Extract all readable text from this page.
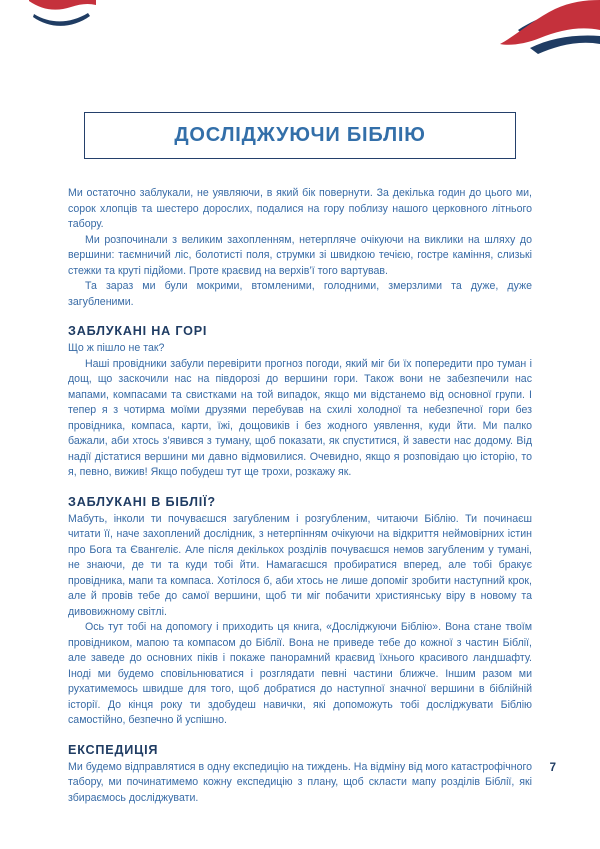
ДОСЛІДЖУЮЧИ БІБЛІЮ

Ми остаточно заблукали, не уявляючи, в який бік повернути. За декілька годин до цього ми, сорок хлопців та шестеро дорослих, подалися на гору поблизу нашого церковного літнього табору.

Ми розпочинали з великим захопленням, нетерпляче очікуючи на виклики на шляху до вершини: таємничий ліс, болотисті поля, струмки зі швидкою течією, гостре каміння, слизькі стежки та круті підйоми. Проте краєвид на верхів’ї того вартував.

Та зараз ми були мокрими, втомленими, голодними, змерзлими та дуже, дуже загубленими.

ЗАБЛУКАНІ НА ГОРІ

Що ж пішло не так?

Наші провідники забули перевірити прогноз погоди, який міг би їх попередити про туман і дощ, що заскочили нас на півдорозі до вершини гори. Також вони не забезпечили нас мапами, компасами та свистками на той випадок, якщо ми відстанемо від основної групи. І тепер я з чотирма моїми друзями перебував на схилі холодної та небезпечної гори без провідника, компаса, карти, їжі, дощовиків і без жодного уявлення, куди йти. Ми палко бажали, аби хтось з’явився з туману, щоб показати, як спуститися, й завести нас додому. Від надії дістатися вершини ми давно відмовилися. Очевидно, якщо я розповідаю цю історію, то я, певно, вижив! Якщо побудеш тут ще трохи, розкажу як.

ЗАБЛУКАНІ В БІБЛІЇ?

Мабуть, інколи ти почуваєшся загубленим і розгубленим, читаючи Біблію. Ти починаєш читати її, наче захоплений дослідник, з нетерпінням очікуючи на відкриття неймовірних істин про Бога та Євангеліє. Але після декількох розділів почуваєшся немов загубленим у тумані, не знаючи, де ти та куди тобі йти. Намагаєшся пробиратися вперед, але тобі бракує провідника, мапи та компаса. Хотілося б, аби хтось не лише допоміг зробити наступний крок, але й провів тебе до самої вершини, щоб ти міг побачити християнську віру в новому та дивовижному світлі.

Ось тут тобі на допомогу і приходить ця книга, «Досліджуючи Біблію». Вона стане твоїм провідником, мапою та компасом до Біблії. Вона не приведе тебе до кожної з частин Біблії, але заведе до основних піків і покаже панорамний краєвид їхнього красивого ландшафту. Іноді ми будемо сповільнюватися і розглядати певні частини ближче. Іншим разом ми рухатимемось швидше для того, щоб добратися до наступної значної вершини в біблійній історії. До кінця року ти здобудеш навички, які допоможуть тобі досліджувати Біблію самостійно, безпечно й успішно.

ЕКСПЕДИЦІЯ

Ми будемо відправлятися в одну експедицію на тиждень. На відміну від мого катастрофічного табору, ми починатимемо кожну експедицію з плану, щоб скласти мапу розділів Біблії, які збираємось досліджувати.

7
